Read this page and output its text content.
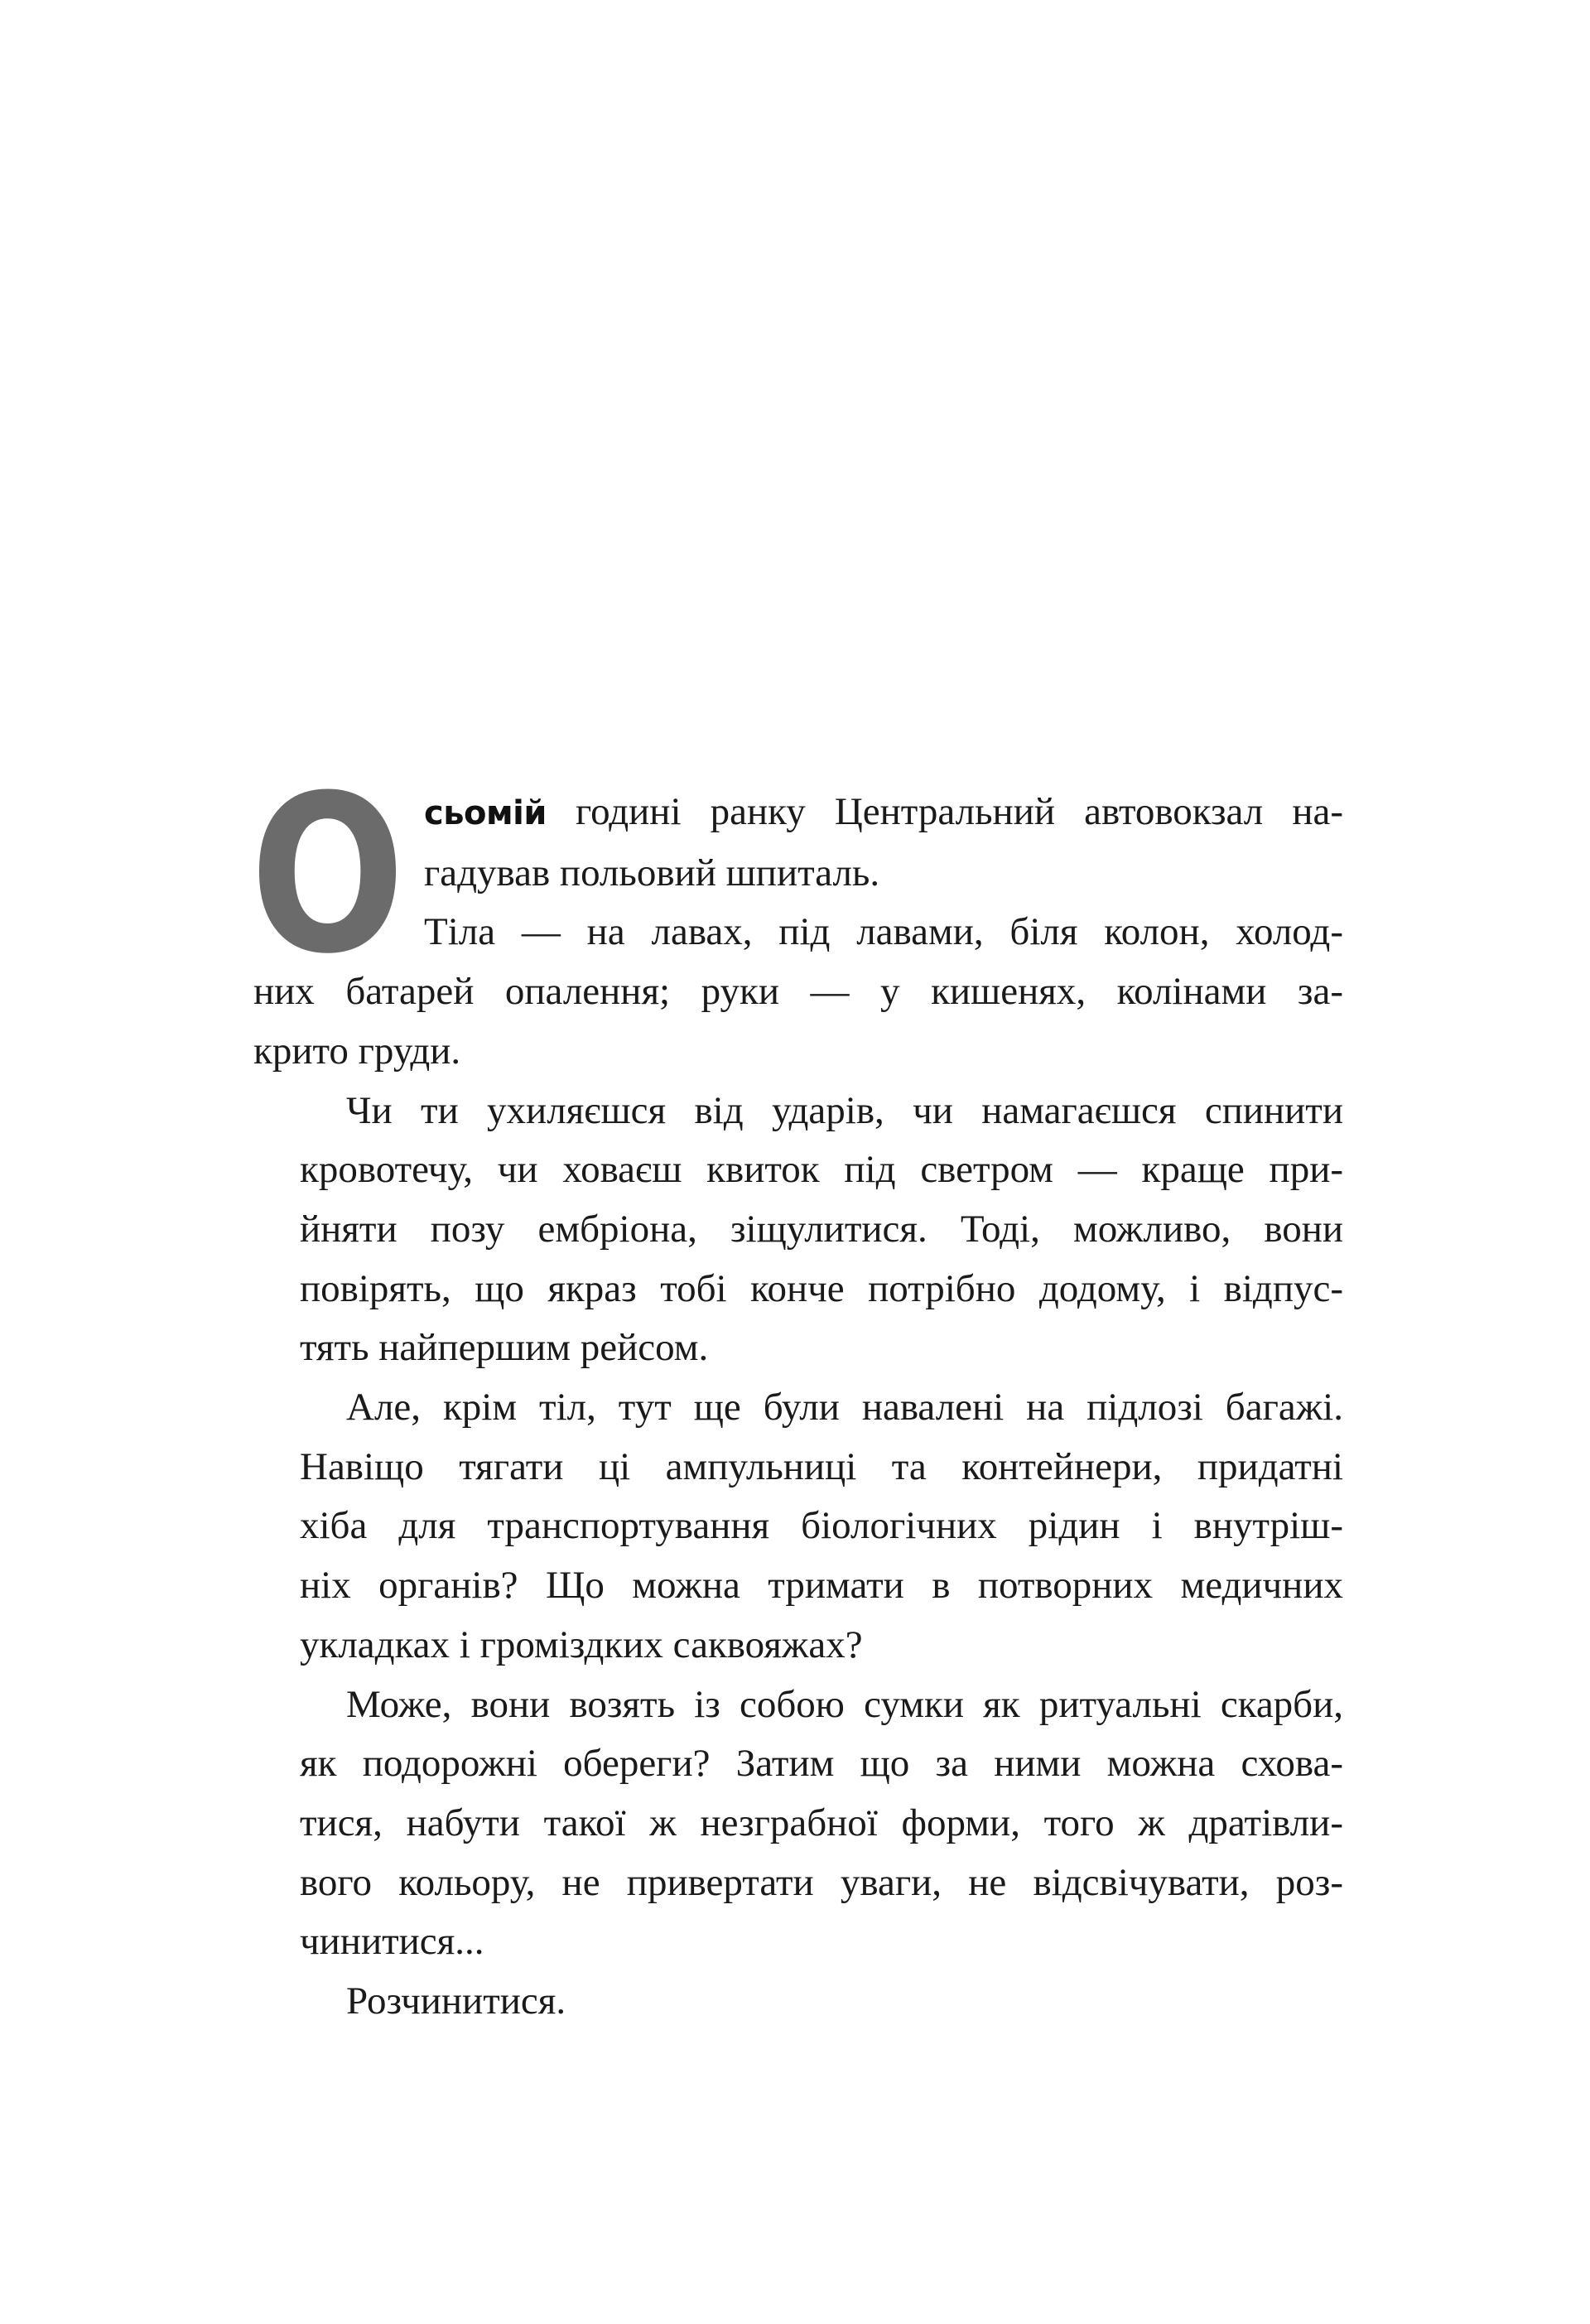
О сьомій годині ранку Центральний автовокзал на-
гадував польовий шпиталь.
Тіла — на лавах, під лавами, біля колон, холод-
них батарей опалення; руки — у кишенях, колінами за-
крито груди.
Чи ти ухиляєшся від ударів, чи намагаєшся спинити
кровотечу, чи ховаєш квиток під светром — краще при-
йняти позу ембріона, зіщулитися. Тоді, можливо, вони
повірять, що якраз тобі конче потрібно додому, і відпус-
тять найпершим рейсом.
Але, крім тіл, тут ще були навалені на підлозі багажі.
Навіщо тягати ці ампульниці та контейнери, придатні
хіба для транспортування біологічних рідин і внутріш-
ніх органів? Що можна тримати в потворних медичних
укладках і громіздких саквояжах?
Може, вони возять із собою сумки як ритуальні скарби,
як подорожні обереги? Затим що за ними можна схова-
тися, набути такої ж незграбної форми, того ж дратівли-
вого кольору, не привертати уваги, не відсвічувати, роз-
чинитися...
Розчинитися.
